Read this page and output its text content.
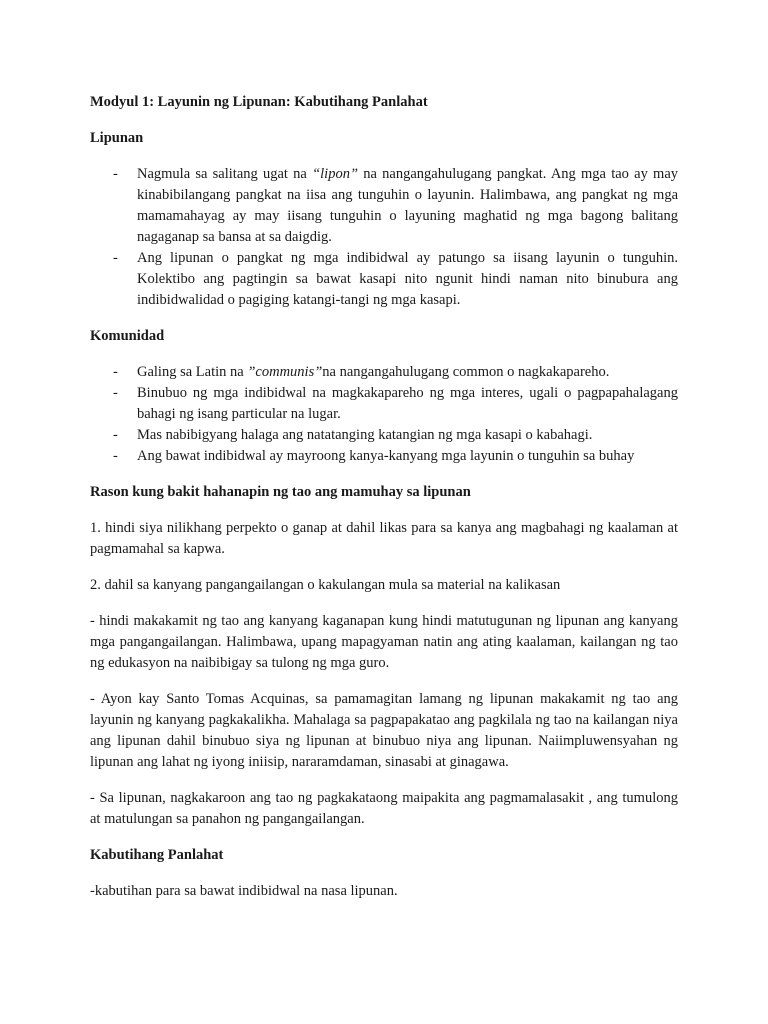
Modyul 1: Layunin ng Lipunan: Kabutihang Panlahat

Lipunan

- Nagmula sa salitang ugat na “lipon” na nangangahulugang pangkat. Ang mga tao ay may kinabibilangang pangkat na iisa ang tunguhin o layunin. Halimbawa, ang pangkat ng mga mamamahayag ay may iisang tunguhin o layuning maghatid ng mga bagong balitang nagaganap sa bansa at sa daigdig.
- Ang lipunan o pangkat ng mga indibidwal ay patungo sa iisang layunin o tunguhin. Kolektibo ang pagtingin sa bawat kasapi nito ngunit hindi naman nito binubura ang indibidwalidad o pagiging katangi-tangi ng mga kasapi.

Komunidad

- Galing sa Latin na ”communis”na nangangahulugang common o nagkakapareho.
- Binubuo ng mga indibidwal na magkakapareho ng mga interes, ugali o pagpapahalagang bahagi ng isang particular na lugar.
- Mas nabibigyang halaga ang natatanging katangian ng mga kasapi o kabahagi.
- Ang bawat indibidwal ay mayroong kanya-kanyang mga layunin o tunguhin sa buhay

Rason kung bakit hahanapin ng tao ang mamuhay sa lipunan

1. hindi siya nilikhang perpekto o ganap at dahil likas para sa kanya ang magbahagi ng kaalaman at pagmamahal sa kapwa.

2. dahil sa kanyang pangangailangan o kakulangan mula sa material na kalikasan

- hindi makakamit ng tao ang kanyang kaganapan kung hindi matutugunan ng lipunan ang kanyang mga pangangailangan. Halimbawa, upang mapagyaman natin ang ating kaalaman, kailangan ng tao ng edukasyon na naibibigay sa tulong ng mga guro.

- Ayon kay Santo Tomas Acquinas, sa pamamagitan lamang ng lipunan makakamit ng tao ang layunin ng kanyang pagkakalikha. Mahalaga sa pagpapakatao ang pagkilala ng tao na kailangan niya ang lipunan dahil binubuo siya ng lipunan at binubuo niya ang lipunan. Naiimpluwensyahan ng lipunan ang lahat ng iyong iniisip, nararamdaman, sinasabi at ginagawa.

- Sa lipunan, nagkakaroon ang tao ng pagkakataong maipakita ang pagmamalasakit , ang tumulong at matulungan sa panahon ng pangangailangan.

Kabutihang Panlahat

-kabutihan para sa bawat indibidwal na nasa lipunan.
